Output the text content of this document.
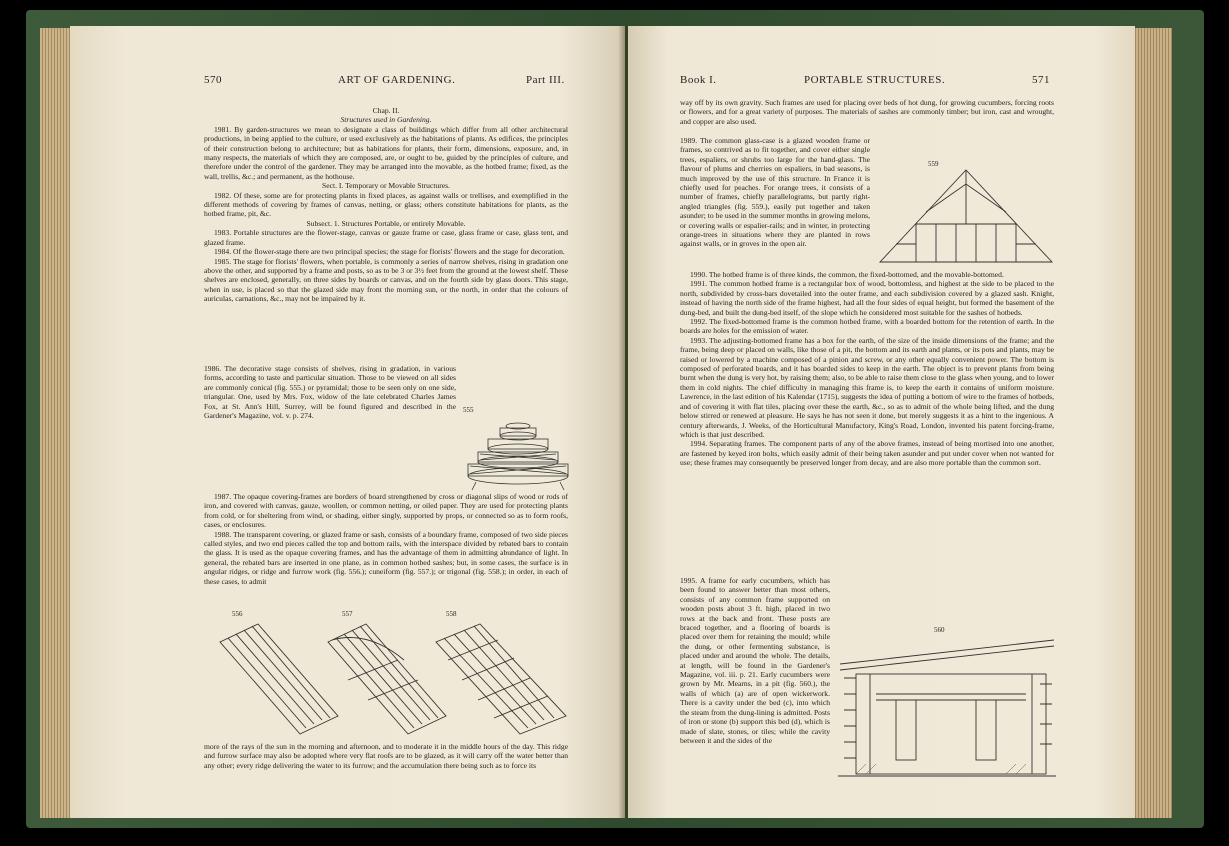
570	ART OF GARDENING.	Part III.

Chap. II.

Structures used in Gardening.

1981. By garden-structures we mean to designate a class of buildings which differ from all other architectural productions, in being applied to the culture, or used exclusively as the habitations of plants. As edifices, the principles of their construction belong to architecture; but as habitations for plants, their form, dimensions, exposure, and, in many respects, the materials of which they are composed, are, or ought to be, guided by the principles of culture, and therefore under the control of the gardener. They may be arranged into the movable, as the hotbed frame; fixed, as the wall, trellis, &c.; and permanent, as the hothouse.

Sect. I. Temporary or Movable Structures.

1982. Of these, some are for protecting plants in fixed places, as against walls or trellises, and exemplified in the different methods of covering by frames of canvas, netting, or glass; others constitute habitations for plants, as the hotbed frame, pit, &c.

Subsect. 1. Structures Portable, or entirely Movable.

1983. Portable structures are the flower-stage, canvas or gauze frame or case, glass frame or case, glass tent, and glazed frame.

1984. Of the flower-stage there are two principal species; the stage for florists' flowers and the stage for decoration.

1985. The stage for florists' flowers, when portable, is commonly a series of narrow shelves, rising in gradation one above the other, and supported by a frame and posts, so as to be 3 or 3½ feet from the ground at the lowest shelf. These shelves are enclosed, generally, on three sides by boards or canvas, and on the fourth side by glass doors. This stage, when in use, is placed so that the glazed side may front the morning sun, or the north, in order that the colours of auriculas, carnations, &c., may not be impaired by it.

1986. The decorative stage consists of shelves, rising in gradation, in various forms, according to taste and particular situation. Those to be viewed on all sides are commonly conical (fig. 555.) or pyramidal; those to be seen only on one side, triangular. One, used by Mrs. Fox, widow of the late celebrated Charles James Fox, at St. Ann's Hill, Surrey, will be found figured and described in the Gardener's Magazine, vol. v. p. 274.
555

1987. The opaque covering-frames are borders of board strengthened by cross or diagonal slips of wood or rods of iron, and covered with canvas, gauze, woollen, or common netting, or oiled paper. They are used for protecting plants from cold, or for sheltering from wind, or shading, either singly, supported by props, or connected so as to form roofs, cases, or enclosures.

1988. The transparent covering, or glazed frame or sash, consists of a boundary frame, composed of two side pieces called styles, and two end pieces called the top and bottom rails, with the interspace divided by rebated bars to contain the glass. It is used as the opaque covering frames, and has the advantage of them in admitting abundance of light. In general, the rebated bars are inserted in one plane, as in common hotbed sashes; but, in some cases, the surface is in angular ridges, or ridge and furrow work (fig. 556.); cuneiform (fig. 557.); or trigonal (fig. 558.); in order, in each of these cases, to admit

556	557	558
more of the rays of the sun in the morning and afternoon, and to moderate it in the middle hours of the day. This ridge and furrow surface may also be adopted where very flat roofs are to be glazed, as it will carry off the water better than any other; every ridge delivering the water to its furrow; and the accumulation there being such as to force its
Book I.	PORTABLE STRUCTURES.	571

way off by its own gravity. Such frames are used for placing over beds of hot dung, for growing cucumbers, forcing roots or flowers, and for a great variety of purposes. The materials of sashes are commonly timber; but iron, cast and wrought, and copper are also used.

1989. The common glass-case is a glazed wooden frame or frames, so contrived as to fit together, and cover either single trees, espaliers, or shrubs too large for the hand-glass. The flavour of plums and cherries on espaliers, in bad seasons, is much improved by the use of this structure. In France it is chiefly used for peaches. For orange trees, it consists of a number of frames, chiefly parallelograms, but partly right-angled triangles (fig. 559.), easily put together and taken asunder; to be used in the summer months in growing melons, or covering walls or espalier-rails; and in winter, in protecting orange-trees in situations where they are planted in rows against walls, or in groves in the open air.
559

1990. The hotbed frame is of three kinds, the common, the fixed-bottomed, and the movable-bottomed.

1991. The common hotbed frame is a rectangular box of wood, bottomless, and highest at the side to be placed to the north, subdivided by cross-bars dovetailed into the outer frame, and each subdivision covered by a glazed sash. Knight, instead of having the north side of the frame highest, had all the four sides of equal height, but formed the basement of the dung-bed, and built the dung-bed itself, of the slope which he considered most suitable for the sashes of hotbeds.

1992. The fixed-bottomed frame is the common hotbed frame, with a boarded bottom for the retention of earth. In the boards are holes for the emission of water.

1993. The adjusting-bottomed frame has a box for the earth, of the size of the inside dimensions of the frame; and the frame, being deep or placed on walls, like those of a pit, the bottom and its earth and plants, or its pots and plants, may be raised or lowered by a machine composed of a pinion and screw, or any other equally convenient power. The bottom is composed of perforated boards, and it has boarded sides to keep in the earth. The object is to prevent plants from being burnt when the dung is very hot, by raising them; also, to be able to raise them close to the glass when young, and to lower them in cold nights. The chief difficulty in managing this frame is, to keep the earth it contains of uniform moisture. Lawrence, in the last edition of his Kalendar (1715), suggests the idea of putting a bottom of wire to the frames of hotbeds, and of covering it with flat tiles, placing over these the earth, &c., so as to admit of the whole being lifted, and the dung below stirred or renewed at pleasure. He says he has not seen it done, but merely suggests it as a hint to the ingenious. A century afterwards, J. Weeks, of the Horticultural Manufactory, King's Road, London, invented his patent forcing-frame, which is that just described.

1994. Separating frames. The component parts of any of the above frames, instead of being mortised into one another, are fastened by keyed iron bolts, which easily admit of their being taken asunder and put under cover when not wanted for use; these frames may consequently be preserved longer from decay, and are also more portable than the common sort.

1995. A frame for early cucumbers, which has been found to answer better than most others, consists of any common frame supported on wooden posts about 3 ft. high, placed in two rows at the back and front. These posts are braced together, and a flooring of boards is placed over them for retaining the mould; while the dung, or other fermenting substance, is placed under and around the whole. The details, at length, will be found in the Gardener's Magazine, vol. iii. p. 21. Early cucumbers were grown by Mr. Mearns, in a pit (fig. 560.), the walls of which (a) are of open wickerwork. There is a cavity under the bed (c), into which the steam from the dung-lining is admitted. Posts of iron or stone (b) support this bed (d), which is made of slate, stones, or tiles; while the cavity between it and the sides of the
560
